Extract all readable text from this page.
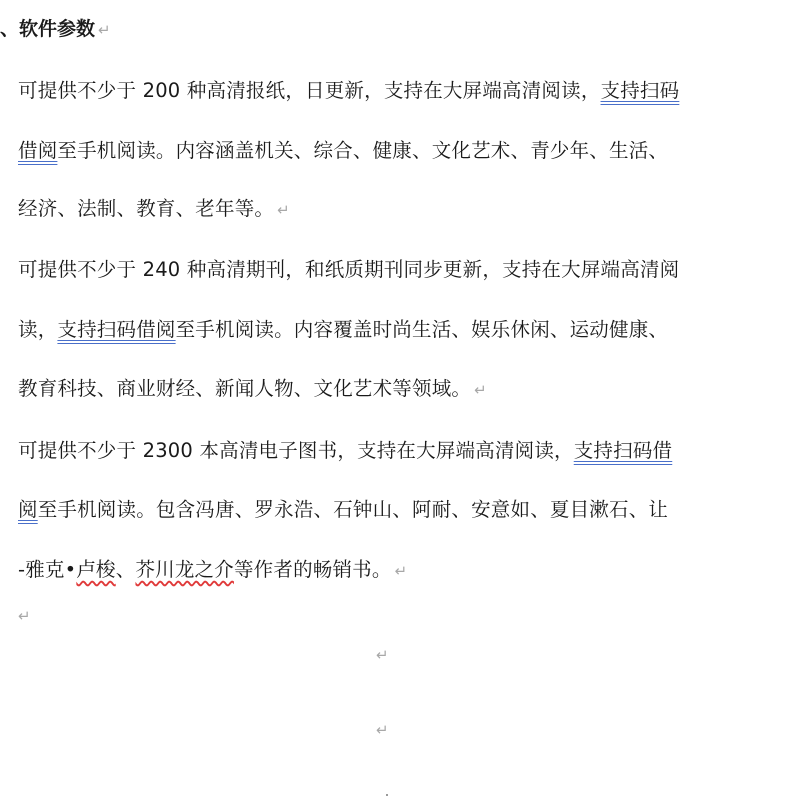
、软件参数 ↵
可提供不少于 200 种高清报纸，日更新，支持在大屏端高清阅读，支持扫码
借阅至手机阅读。内容涵盖机关、综合、健康、文化艺术、青少年、生活、
经济、法制、教育、老年等。 ↵
可提供不少于 240 种高清期刊，和纸质期刊同步更新，支持在大屏端高清阅
读，支持扫码借阅至手机阅读。内容覆盖时尚生活、娱乐休闲、运动健康、
教育科技、商业财经、新闻人物、文化艺术等领域。 ↵
可提供不少于 2300 本高清电子图书，支持在大屏端高清阅读，支持扫码借
阅至手机阅读。包含冯唐、罗永浩、石钟山、阿耐、安意如、夏目漱石、让
-雅克•卢梭、芥川龙之介等作者的畅销书。 ↵
↵
↵
↵
